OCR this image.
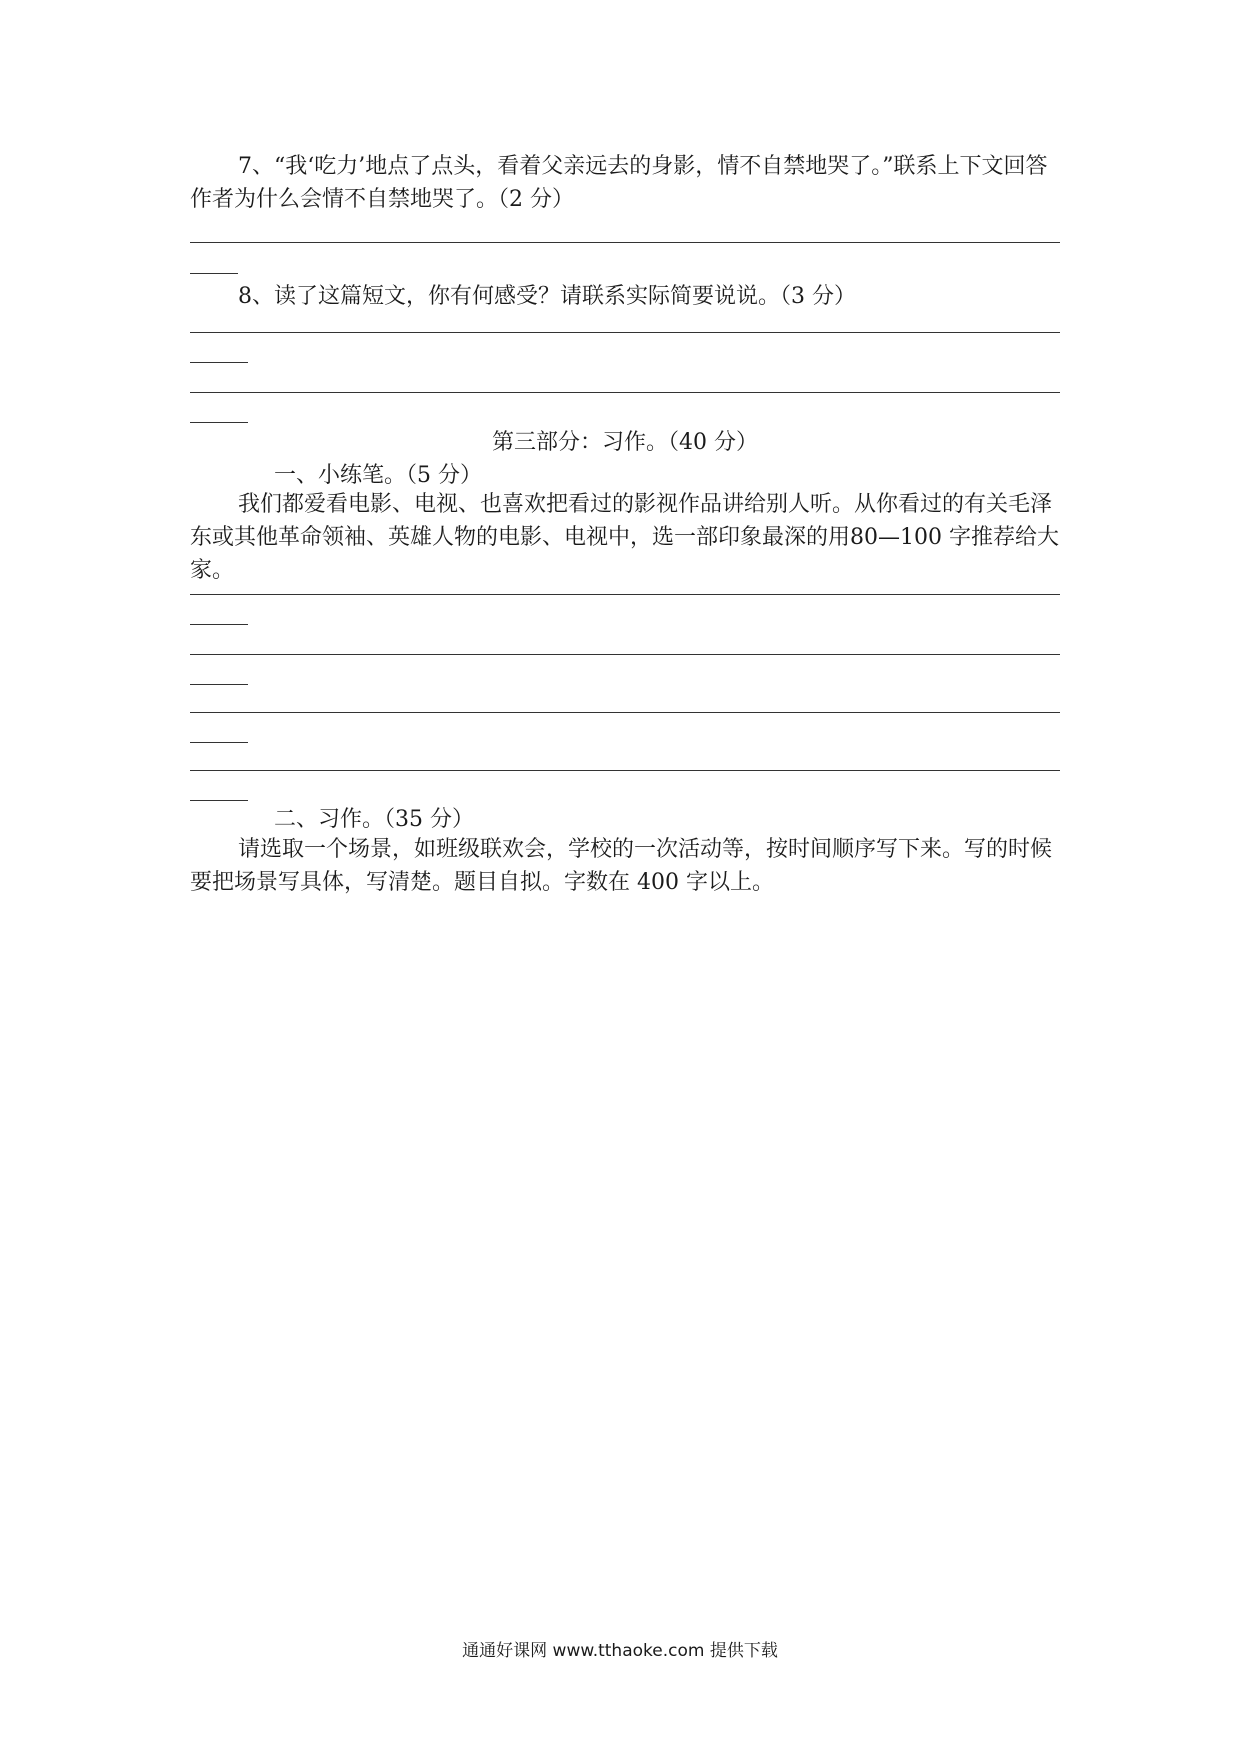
7、“我‘吃力’地点了点头，看着父亲远去的身影，情不自禁地哭了。”联系上下文回答作者为什么会情不自禁地哭了。（2 分）
8、读了这篇短文，你有何感受？请联系实际简要说说。（3 分）
第三部分：习作。（40 分）
一、小练笔。（5 分）
我们都爱看电影、电视、也喜欢把看过的影视作品讲给别人听。从你看过的有关毛泽东或其他革命领袖、英雄人物的电影、电视中，选一部印象最深的用80—100 字推荐给大家。
二、习作。（35 分）
请选取一个场景，如班级联欢会，学校的一次活动等，按时间顺序写下来。写的时候要把场景写具体，写清楚。题目自拟。字数在 400 字以上。
通通好课网 www.tthaoke.com 提供下载
